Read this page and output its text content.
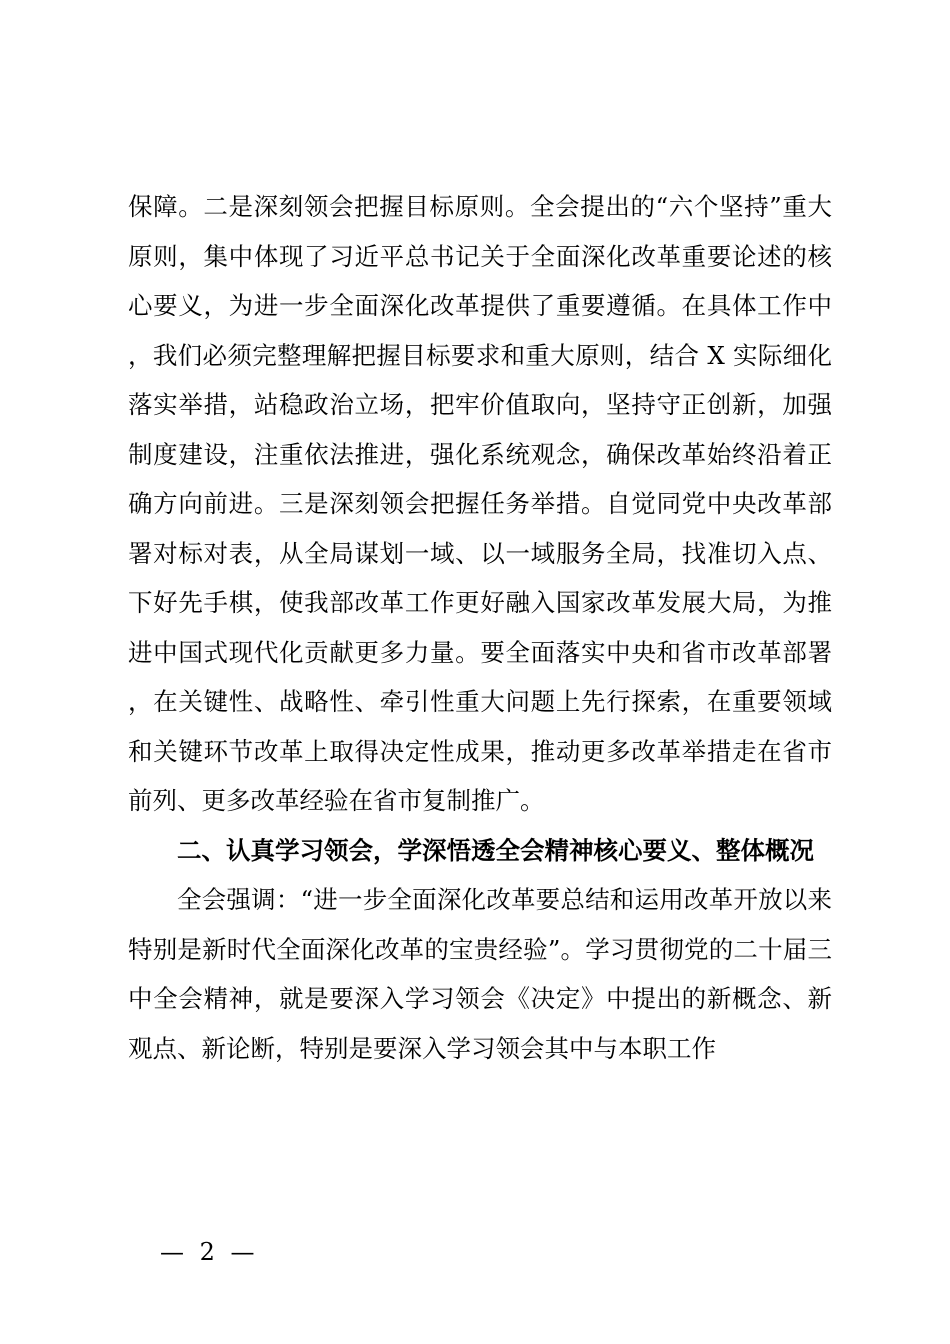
保障。二是深刻领会把握目标原则。全会提出的“六个坚持”重大原则，集中体现了习近平总书记关于全面深化改革重要论述的核心要义，为进一步全面深化改革提供了重要遵循。在具体工作中，我们必须完整理解把握目标要求和重大原则，结合 X 实际细化落实举措，站稳政治立场，把牢价值取向，坚持守正创新，加强制度建设，注重依法推进，强化系统观念，确保改革始终沿着正确方向前进。三是深刻领会把握任务举措。自觉同党中央改革部署对标对表，从全局谋划一域、以一域服务全局，找准切入点、下好先手棋，使我部改革工作更好融入国家改革发展大局，为推进中国式现代化贡献更多力量。要全面落实中央和省市改革部署，在关键性、战略性、牵引性重大问题上先行探索，在重要领域和关键环节改革上取得决定性成果，推动更多改革举措走在省市前列、更多改革经验在省市复制推广。

二、认真学习领会，学深悟透全会精神核心要义、整体概况

全会强调：“进一步全面深化改革要总结和运用改革开放以来特别是新时代全面深化改革的宝贵经验”。学习贯彻党的二十届三中全会精神，就是要深入学习领会《决定》中提出的新概念、新观点、新论断，特别是要深入学习领会其中与本职工作

— 2 —
